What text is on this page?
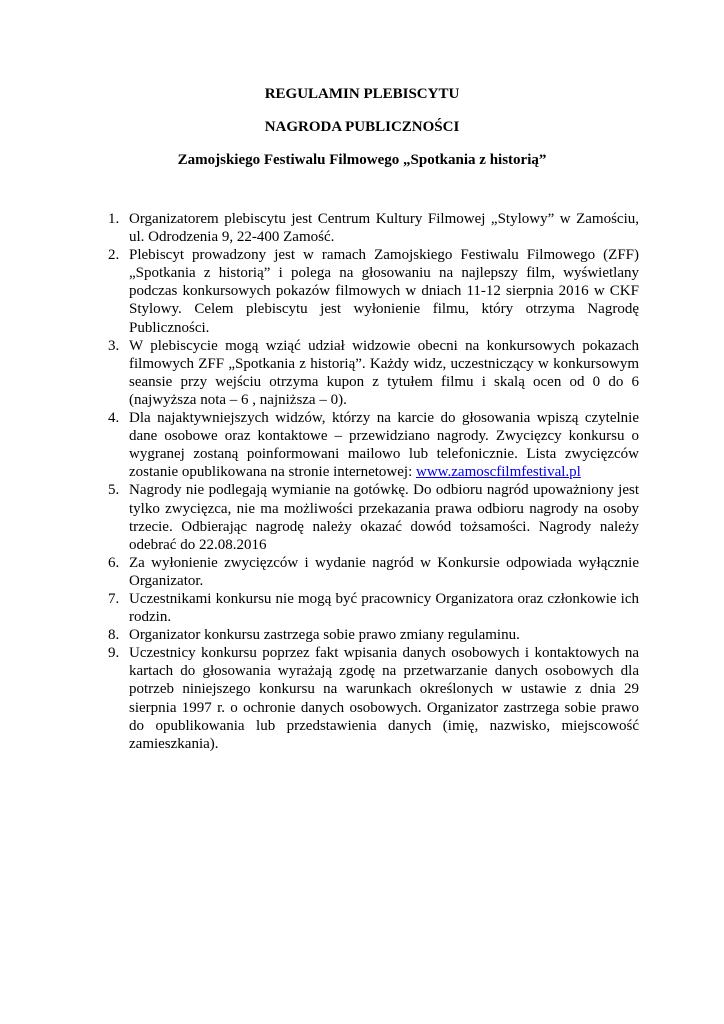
REGULAMIN PLEBISCYTU
NAGRODA PUBLICZNOŚCI
Zamojskiego Festiwalu Filmowego „Spotkania z historią”
1. Organizatorem plebiscytu jest Centrum Kultury Filmowej „Stylowy” w Zamościu, ul. Odrodzenia 9, 22-400 Zamość.
2. Plebiscyt prowadzony jest w ramach Zamojskiego Festiwalu Filmowego (ZFF) „Spotkania z historią” i polega na głosowaniu na najlepszy film, wyświetlany podczas konkursowych pokazów filmowych w dniach 11-12 sierpnia 2016 w CKF Stylowy. Celem plebiscytu jest wyłonienie filmu, który otrzyma Nagrodę Publiczności.
3. W plebiscycie mogą wziąć udział widzowie obecni na konkursowych pokazach filmowych ZFF „Spotkania z historią”. Każdy widz, uczestniczący w konkursowym seansie przy wejściu otrzyma kupon z tytułem filmu i skalą ocen od 0 do 6 (najwyższa nota – 6 , najniższa – 0).
4. Dla najaktywniejszych widzów, którzy na karcie do głosowania wpiszą czytelnie dane osobowe oraz kontaktowe – przewidziano nagrody. Zwycięzcy konkursu o wygranej zostaną poinformowani mailowo lub telefonicznie. Lista zwycięzców zostanie opublikowana na stronie internetowej: www.zamoscfilmfestival.pl
5. Nagrody nie podlegają wymianie na gotówkę. Do odbioru nagród upoważniony jest tylko zwycięzca, nie ma możliwości przekazania prawa odbioru nagrody na osoby trzecie. Odbierając nagrodę należy okazać dowód tożsamości. Nagrody należy odebrać do 22.08.2016
6. Za wyłonienie zwycięzców i wydanie nagród w Konkursie odpowiada wyłącznie Organizator.
7. Uczestnikami konkursu nie mogą być pracownicy Organizatora oraz członkowie ich rodzin.
8. Organizator konkursu zastrzega sobie prawo zmiany regulaminu.
9. Uczestnicy konkursu poprzez fakt wpisania danych osobowych i kontaktowych na kartach do głosowania wyrażają zgodę na przetwarzanie danych osobowych dla potrzeb niniejszego konkursu na warunkach określonych w ustawie z dnia 29 sierpnia 1997 r. o ochronie danych osobowych. Organizator zastrzega sobie prawo do opublikowania lub przedstawienia danych (imię, nazwisko, miejscowość zamieszkania).
